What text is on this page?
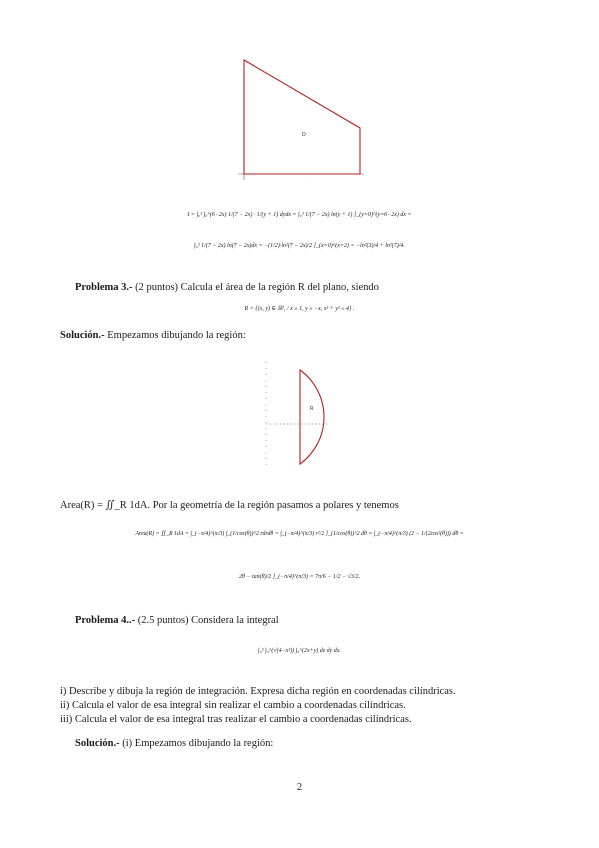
D
·
·
I = ∫₀² ∫₀^(6−2x) 1/(7 − 2x) · 1/(y + 1) dydx = ∫₀² 1/(7 − 2x) ln(y + 1) ]_(y=0)^(y=6−2x) dx =
∫₀² 1/(7 − 2x) ln(7 − 2x)dx = −(1/2)·ln²(7 − 2x)/2 ]_(x=0)^(x=2) = −ln²(3)/4 + ln²(7)/4.
Problema 3.- (2 puntos) Calcula el área de la región R del plano, siendo
R = {(x, y) ∈ ℝ², / x ≥ 1, y ≥ −x, x² + y² ≤ 4} .
Solución.- Empezamos dibujando la región:
R
Area(R) = ∬_R 1dA. Por la geometría de la región pasamos a polares y tenemos
Area(R) = ∬_R 1dA = ∫_(−π/4)^(π/3) ∫_(1/cos(θ))^2 rdrdθ = ∫_(−π/4)^(π/3) r²/2 ]_(1/cos(θ))^2 dθ = ∫_(−π/4)^(π/3) (2 − 1/(2cos²(θ))) dθ =
2θ − tan(θ)/2 ]_(−π/4)^(π/3) = 7π/6 − 1/2 − √3/2.
Problema 4..- (2.5 puntos) Considera la integral
∫₀² ∫₀^(√(4−x²)) ∫₀^(2x+y) dz dy dx.
i) Describe y dibuja la región de integración. Expresa dicha región en coordenadas cilíndricas.
ii) Calcula el valor de esa integral sin realizar el cambio a coordenadas cilíndricas.
iii) Calcula el valor de esa integral tras realizar el cambio a coordenadas cilíndricas.
Solución.- (i) Empezamos dibujando la región:
2
